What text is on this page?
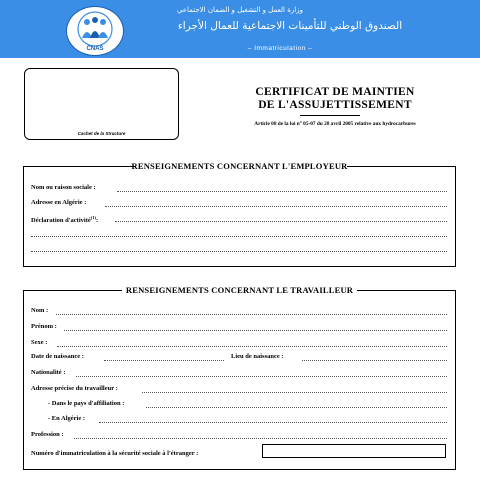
CNAS
وزارة العمل و التشغيل و الضمان الاجتماعي
الصندوق الوطني للتأمينات الاجتماعية للعمال الأجراء
– Immatriculation –
Cachet de la Structure
CERTIFICAT DE MAINTIEN
DE L'ASSUJETTISSEMENT
Article 08 de la loi n° 05-07 du 28 avril 2005 relative aux hydrocarbures
RENSEIGNEMENTS CONCERNANT L'EMPLOYEUR
Nom ou raison sociale :
Adresse en Algérie :
Déclaration d'activité$^{(1)}$:
RENSEIGNEMENTS CONCERNANT LE TRAVAILLEUR
Nom :
Prénom :
Sexe :
Date de naissance :	Lieu de naissance :
Nationalité :
Adresse précise du travailleur :
- Dans le pays d'affiliation :
- En Algérie :
Profession :
Numéro d'immatriculation à la sécurité sociale à l'étranger :
